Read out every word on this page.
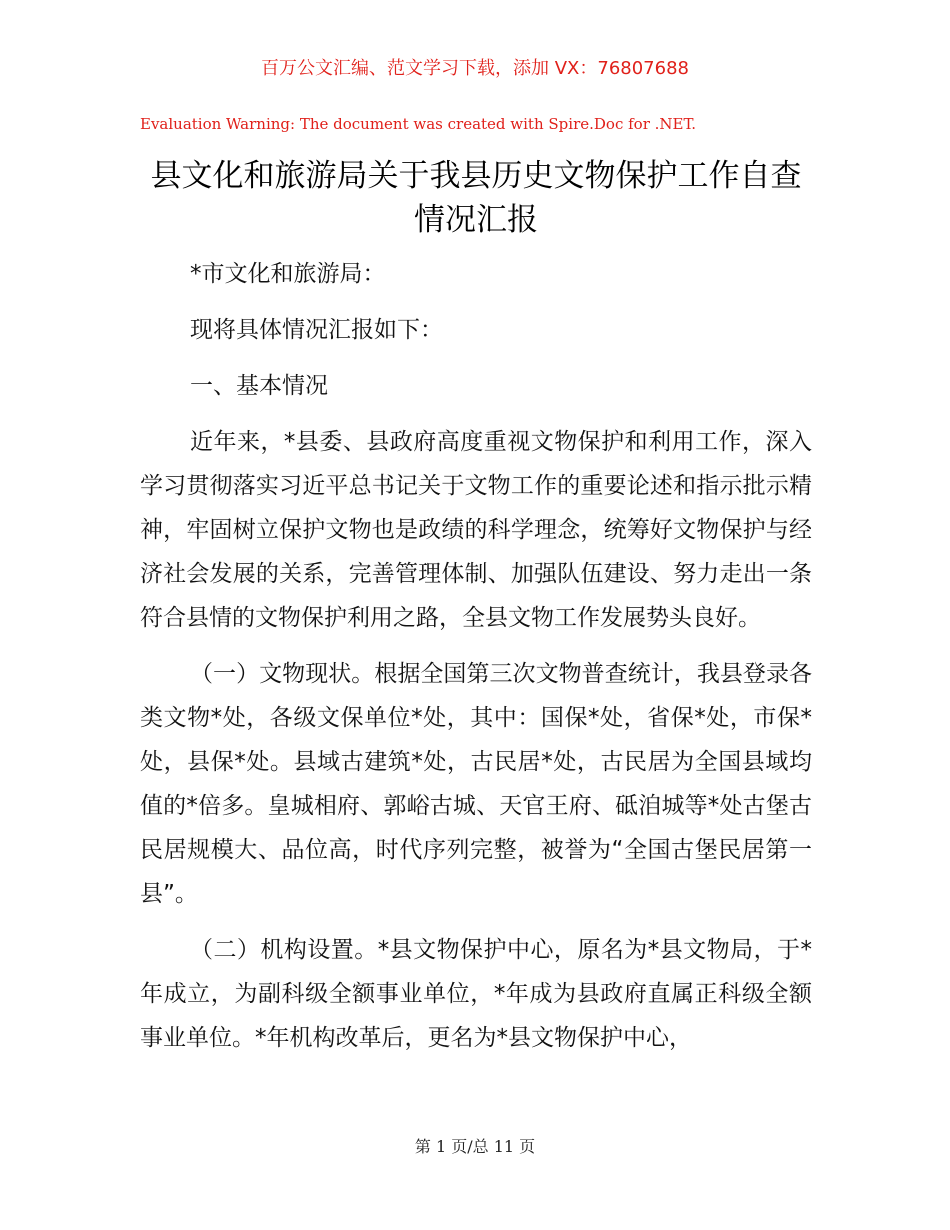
百万公文汇编、范文学习下载，添加 VX：76807688
Evaluation Warning: The document was created with Spire.Doc for .NET.
县文化和旅游局关于我县历史文物保护工作自查情况汇报

*市文化和旅游局：

现将具体情况汇报如下：

一、基本情况

近年来，*县委、县政府高度重视文物保护和利用工作，深入学习贯彻落实习近平总书记关于文物工作的重要论述和指示批示精神，牢固树立保护文物也是政绩的科学理念，统筹好文物保护与经济社会发展的关系，完善管理体制、加强队伍建设、努力走出一条符合县情的文物保护利用之路，全县文物工作发展势头良好。

（一）文物现状。根据全国第三次文物普查统计，我县登录各类文物*处，各级文保单位*处，其中：国保*处，省保*处，市保*处，县保*处。县域古建筑*处，古民居*处，古民居为全国县域均值的*倍多。皇城相府、郭峪古城、天官王府、砥洎城等*处古堡古民居规模大、品位高，时代序列完整，被誉为“全国古堡民居第一县”。

（二）机构设置。*县文物保护中心，原名为*县文物局，于*年成立，为副科级全额事业单位，*年成为县政府直属正科级全额事业单位。*年机构改革后，更名为*县文物保护中心，

第 1 页/总 11 页
